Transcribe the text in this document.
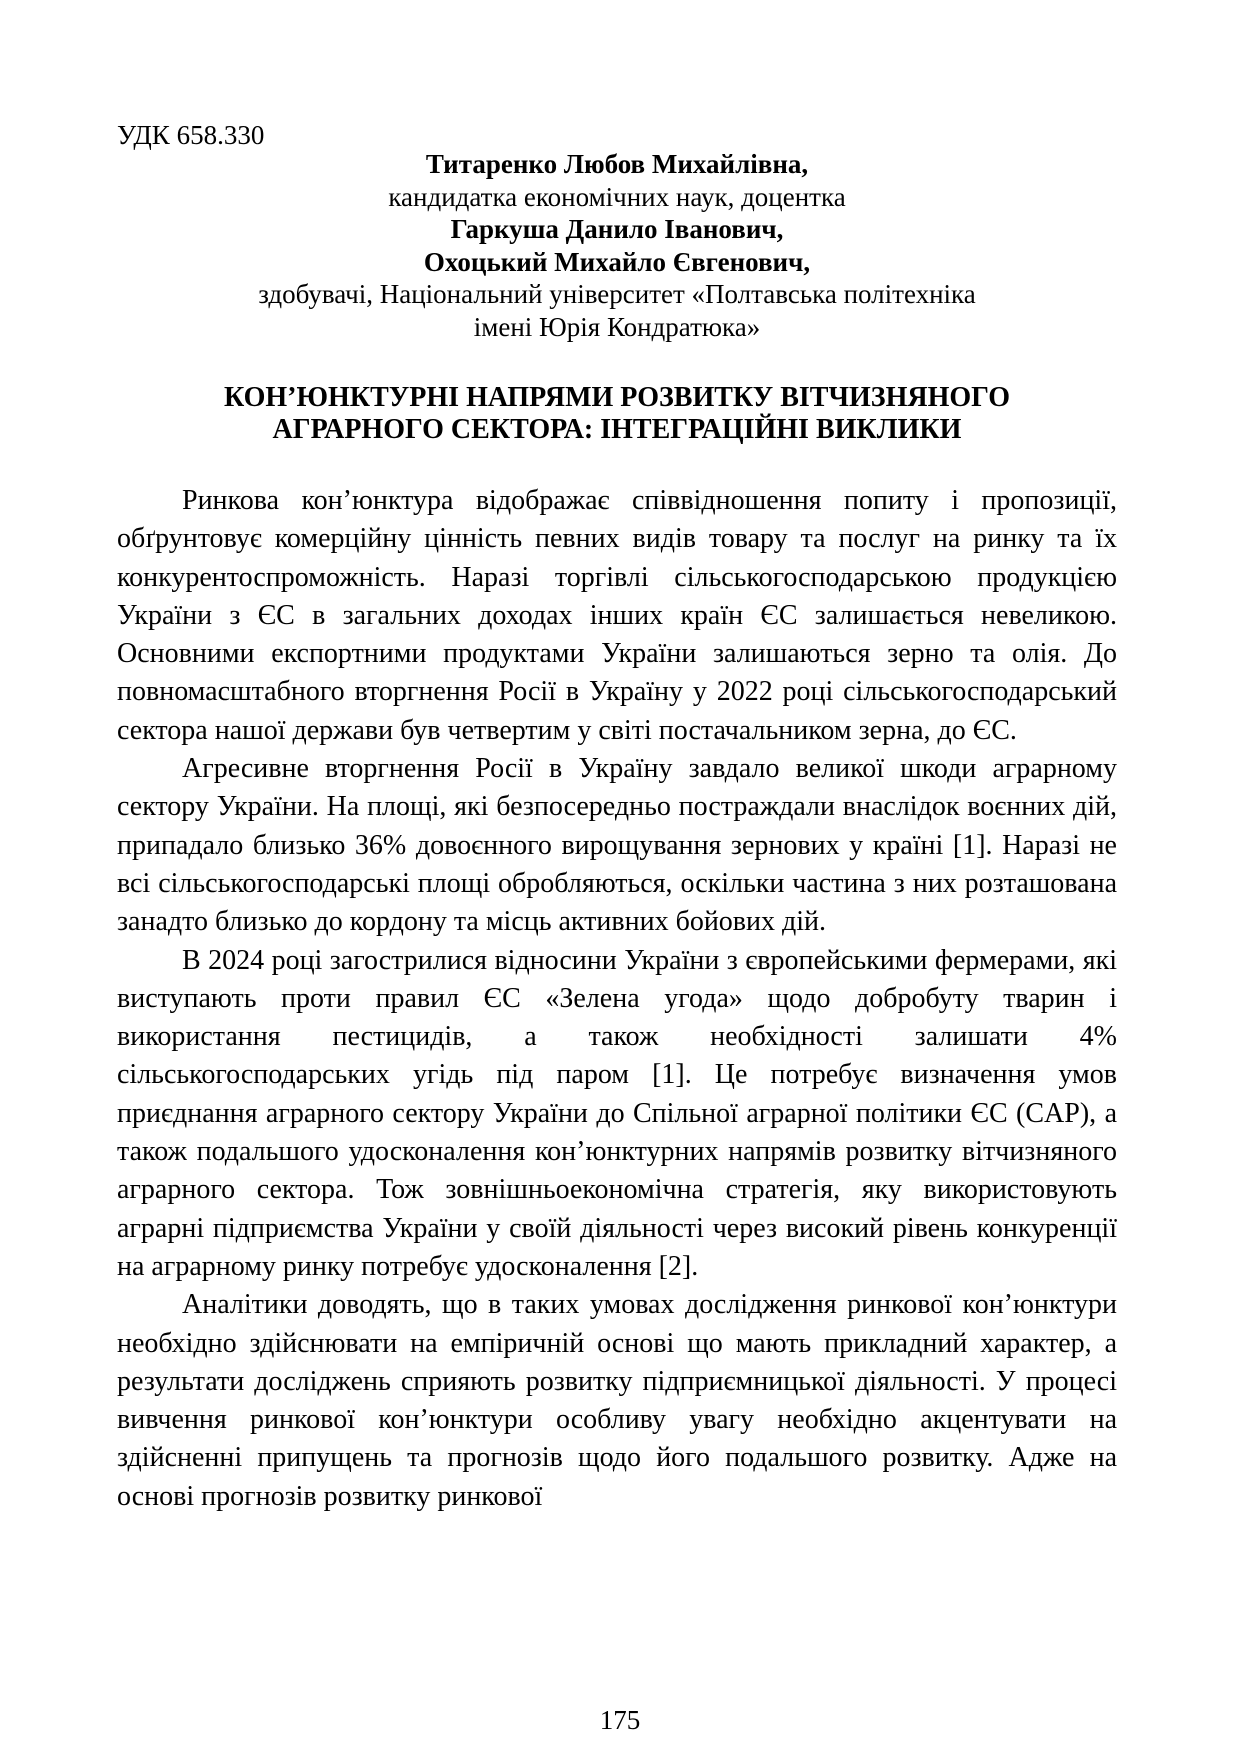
УДК 658.330
Титаренко Любов Михайлівна,
кандидатка економічних наук, доцентка
Гаркуша Данило Іванович,
Охоцький Михайло Євгенович,
здобувачі, Національний університет «Полтавська політехніка
імені Юрія Кондратюка»
КОН’ЮНКТУРНІ НАПРЯМИ РОЗВИТКУ ВІТЧИЗНЯНОГО
АГРАРНОГО СЕКТОРА: ІНТЕГРАЦІЙНІ ВИКЛИКИ

Ринкова кон’юнктура відображає співвідношення попиту і пропозиції, обґрунтовує комерційну цінність певних видів товару та послуг на ринку та їх конкурентоспроможність. Наразі торгівлі сільськогосподарською продукцією України з ЄС в загальних доходах інших країн ЄС залишається невеликою. Основними експортними продуктами України залишаються зерно та олія. До повномасштабного вторгнення Росії в Україну у 2022 році сільськогосподарський сектора нашої держави був четвертим у світі постачальником зерна, до ЄС.

Агресивне вторгнення Росії в Україну завдало великої шкоди аграрному сектору України. На площі, які безпосередньо постраждали внаслідок воєнних дій, припадало близько 36% довоєнного вирощування зернових у країні [1]. Наразі не всі сільськогосподарські площі обробляються, оскільки частина з них розташована занадто близько до кордону та місць активних бойових дій.

В 2024 році загострилися відносини України з європейськими фермерами, які виступають проти правил ЄС «Зелена угода» щодо добробуту тварин і використання пестицидів, а також необхідності залишати 4% сільськогосподарських угідь під паром [1]. Це потребує визначення умов приєднання аграрного сектору України до Спільної аграрної політики ЄС (CAP), а також подальшого удосконалення кон’юнктурних напрямів розвитку вітчизняного аграрного сектора. Тож зовнішньоекономічна стратегія, яку використовують аграрні підприємства України у своїй діяльності через високий рівень конкуренції на аграрному ринку потребує удосконалення [2].

Аналітики доводять, що в таких умовах дослідження ринкової кон’юнктури необхідно здійснювати на емпіричній основі що мають прикладний характер, а результати досліджень сприяють розвитку підприємницької діяльності. У процесі вивчення ринкової кон’юнктури особливу увагу необхідно акцентувати на здійсненні припущень та прогнозів щодо його подальшого розвитку. Адже на основі прогнозів розвитку ринкової

175
